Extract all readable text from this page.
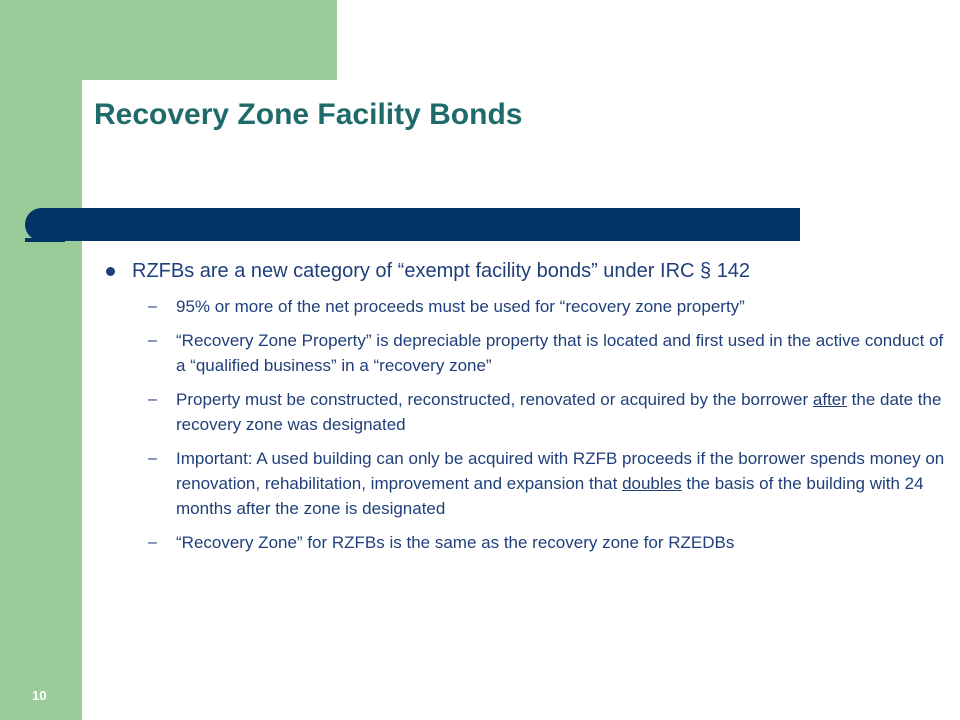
Recovery Zone Facility Bonds
RZFBs are a new category of “exempt facility bonds” under IRC § 142
– 95% or more of the net proceeds must be used for “recovery zone property”
– “Recovery Zone Property” is depreciable property that is located and first used in the active conduct of a “qualified business” in a “recovery zone”
– Property must be constructed, reconstructed, renovated or acquired by the borrower after the date the recovery zone was designated
– Important: A used building can only be acquired with RZFB proceeds if the borrower spends money on renovation, rehabilitation, improvement and expansion that doubles the basis of the building with 24 months after the zone is designated
– “Recovery Zone” for RZFBs is the same as the recovery zone for RZEDBs
10
